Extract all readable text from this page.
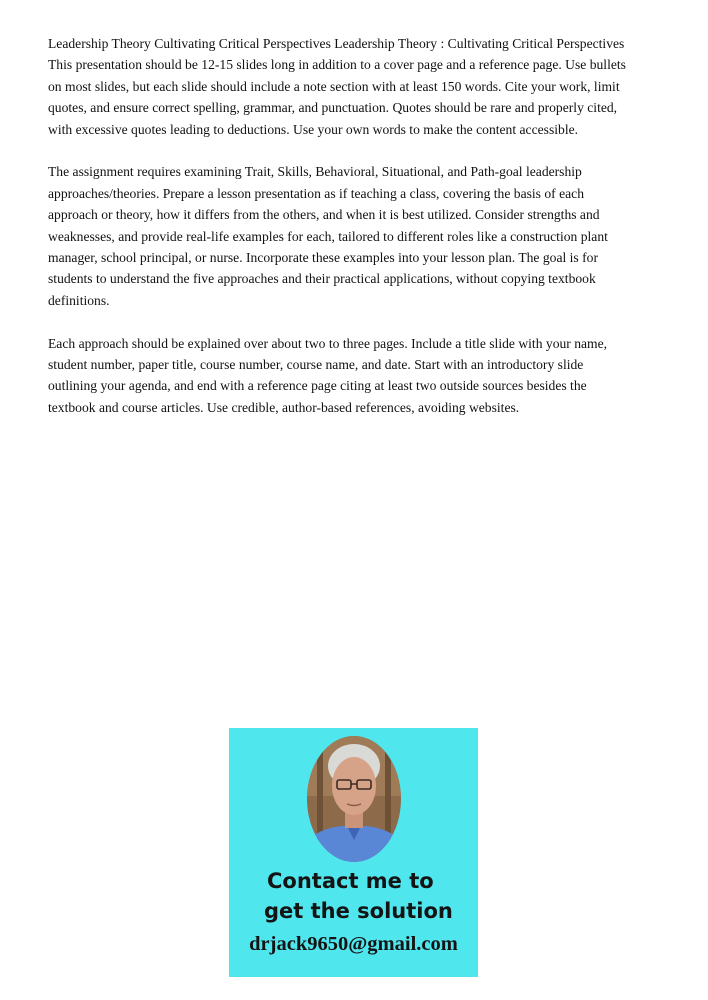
Leadership Theory Cultivating Critical Perspectives Leadership Theory : Cultivating Critical Perspectives This presentation should be 12-15 slides long in addition to a cover page and a reference page. Use bullets on most slides, but each slide should include a note section with at least 150 words. Cite your work, limit quotes, and ensure correct spelling, grammar, and punctuation. Quotes should be rare and properly cited, with excessive quotes leading to deductions. Use your own words to make the content accessible.

The assignment requires examining Trait, Skills, Behavioral, Situational, and Path-goal leadership approaches/theories. Prepare a lesson presentation as if teaching a class, covering the basis of each approach or theory, how it differs from the others, and when it is best utilized. Consider strengths and weaknesses, and provide real-life examples for each, tailored to different roles like a construction plant manager, school principal, or nurse. Incorporate these examples into your lesson plan. The goal is for students to understand the five approaches and their practical applications, without copying textbook definitions.

Each approach should be explained over about two to three pages. Include a title slide with your name, student number, paper title, course number, course name, and date. Start with an introductory slide outlining your agenda, and end with a reference page citing at least two outside sources besides the textbook and course articles. Use credible, author-based references, avoiding websites.

Contact me to
get the solution
drjack9650@gmail.com
